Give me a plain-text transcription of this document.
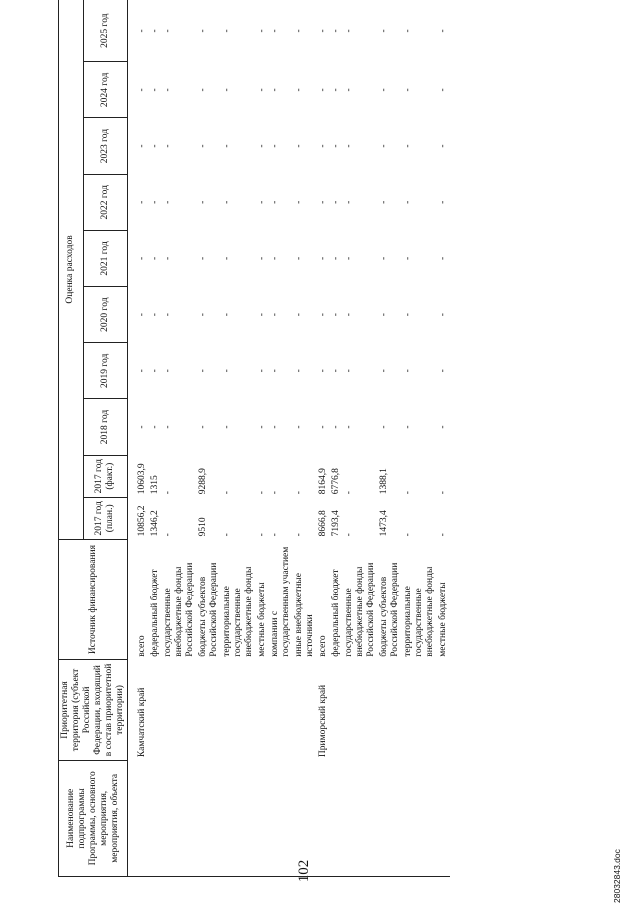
102	28032843.doc
Наименование подпрограммы Программы, основного мероприятия, мероприятия, объекта	Приоритетная территория (субъект Российской Федерации, входящий в состав приоритетной территории)	Источник финансирования	Оценка расходов									
			2017 год (план.)	2017 год (факт.)	2018 год	2019 год	2020 год	2021 год	2022 год	2023 год	2024 год	2025 год
	Камчатский край	всего	10856,2	10603,9	-	-	-	-	-	-	-	-
		федеральный бюджет	1346,2	1315	-	-	-	-	-	-	-	-
		государственные внебюджетные фонды Российской Федерации	-	-	-	-	-	-	-	-	-	-
		бюджеты субъектов Российской Федерации	9510	9288,9	-	-	-	-	-	-	-	-
		территориальные государственные внебюджетные фонды	-	-	-	-	-	-	-	-	-	-
		местные бюджеты	-	-	-	-	-	-	-	-	-	-
		компании с государственным участием	-	-	-	-	-	-	-	-	-	-
		иные внебюджетные источники	-	-	-	-	-	-	-	-	-	-
	Приморский край	всего	8666,8	8164,9	-	-	-	-	-	-	-	-
		федеральный бюджет	7193,4	6776,8	-	-	-	-	-	-	-	-
		государственные внебюджетные фонды Российской Федерации	-	-	-	-	-	-	-	-	-	-
		бюджеты субъектов Российской Федерации	1473,4	1388,1	-	-	-	-	-	-	-	-
		территориальные государственные внебюджетные фонды	-	-	-	-	-	-	-	-	-	-
		местные бюджеты	-	-	-	-	-	-	-	-	-	-
